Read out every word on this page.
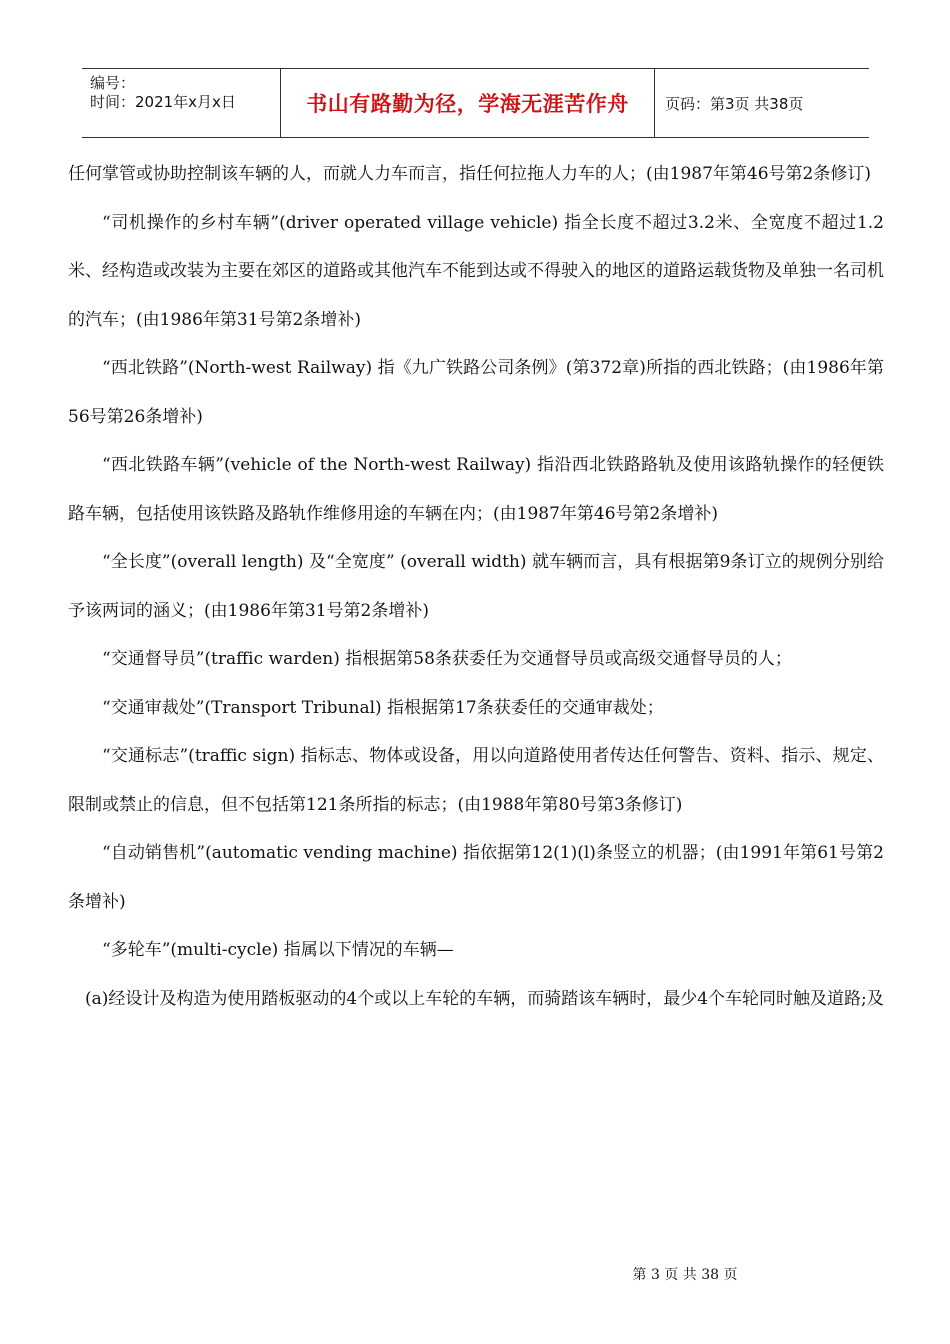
编号：
时间：2021年x月x日	书山有路勤为径，学海无涯苦作舟	页码：第3页 共38页

任何掌管或协助控制该车辆的人，而就人力车而言，指任何拉拖人力车的人；(由1987年第46号第2条修订)

“司机操作的乡村车辆”(driver operated village vehicle) 指全长度不超过3.2米、全宽度不超过1.2米、经构造或改装为主要在郊区的道路或其他汽车不能到达或不得驶入的地区的道路运载货物及单独一名司机的汽车；(由1986年第31号第2条增补)

“西北铁路”(North-west Railway) 指《九广铁路公司条例》(第372章)所指的西北铁路；(由1986年第56号第26条增补)

“西北铁路车辆”(vehicle of the North-west Railway) 指沿西北铁路路轨及使用该路轨操作的轻便铁路车辆，包括使用该铁路及路轨作维修用途的车辆在内；(由1987年第46号第2条增补)

“全长度”(overall length) 及“全宽度” (overall width) 就车辆而言，具有根据第9条订立的规例分别给予该两词的涵义；(由1986年第31号第2条增补)

“交通督导员”(traffic warden) 指根据第58条获委任为交通督导员或高级交通督导员的人；

“交通审裁处”(Transport Tribunal) 指根据第17条获委任的交通审裁处；

“交通标志”(traffic sign) 指标志、物体或设备，用以向道路使用者传达任何警告、资料、指示、规定、限制或禁止的信息，但不包括第121条所指的标志；(由1988年第80号第3条修订)

“自动销售机”(automatic vending machine) 指依据第12(1)(l)条竖立的机器；(由1991年第61号第2条增补)

“多轮车”(multi-cycle) 指属以下情况的车辆—

(a)经设计及构造为使用踏板驱动的4个或以上车轮的车辆，而骑踏该车辆时，最少4个车轮同时触及道路;及

第 3 页 共 38 页
